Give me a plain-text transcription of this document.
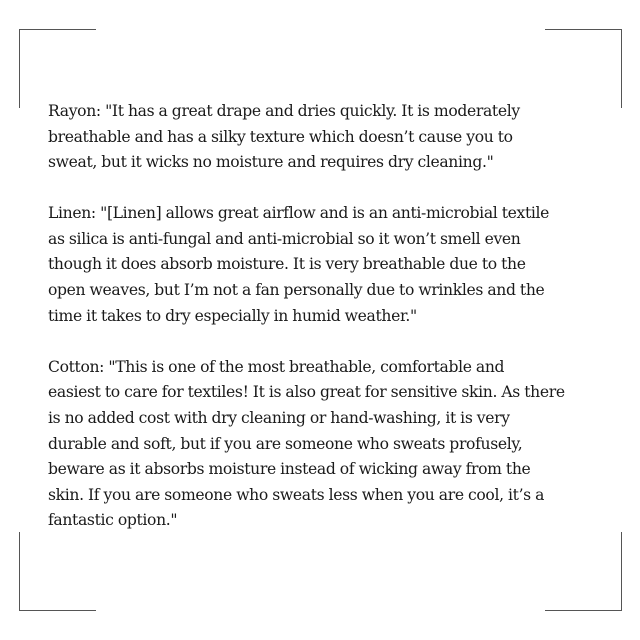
Rayon: "It has a great drape and dries quickly. It is moderately
breathable and has a silky texture which doesn’t cause you to
sweat, but it wicks no moisture and requires dry cleaning."

Linen: "[Linen] allows great airflow and is an anti-microbial textile
as silica is anti-fungal and anti-microbial so it won’t smell even
though it does absorb moisture. It is very breathable due to the
open weaves, but I’m not a fan personally due to wrinkles and the
time it takes to dry especially in humid weather."

Cotton: "This is one of the most breathable, comfortable and
easiest to care for textiles! It is also great for sensitive skin. As there
is no added cost with dry cleaning or hand-washing, it is very
durable and soft, but if you are someone who sweats profusely,
beware as it absorbs moisture instead of wicking away from the
skin. If you are someone who sweats less when you are cool, it’s a
fantastic option."
